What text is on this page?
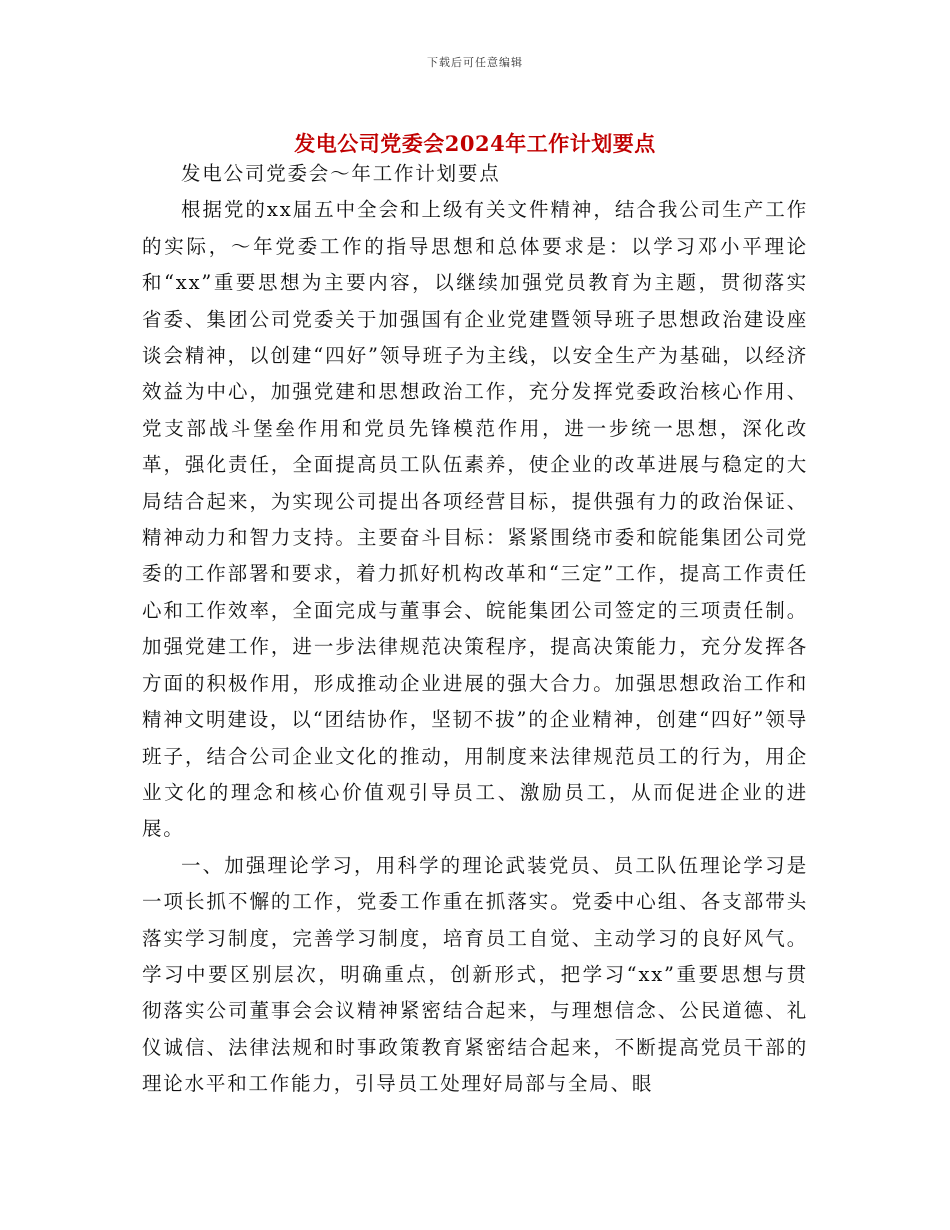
下载后可任意编辑
发电公司党委会2024年工作计划要点

发电公司党委会～年工作计划要点

根据党的xx届五中全会和上级有关文件精神，结合我公司生产工作的实际，～年党委工作的指导思想和总体要求是：以学习邓小平理论和“xx”重要思想为主要内容，以继续加强党员教育为主题，贯彻落实省委、集团公司党委关于加强国有企业党建暨领导班子思想政治建设座谈会精神，以创建“四好”领导班子为主线，以安全生产为基础，以经济效益为中心，加强党建和思想政治工作，充分发挥党委政治核心作用、党支部战斗堡垒作用和党员先锋模范作用，进一步统一思想，深化改革，强化责任，全面提高员工队伍素养，使企业的改革进展与稳定的大局结合起来，为实现公司提出各项经营目标，提供强有力的政治保证、精神动力和智力支持。主要奋斗目标：紧紧围绕市委和皖能集团公司党委的工作部署和要求，着力抓好机构改革和“三定”工作，提高工作责任心和工作效率，全面完成与董事会、皖能集团公司签定的三项责任制。加强党建工作，进一步法律规范决策程序，提高决策能力，充分发挥各方面的积极作用，形成推动企业进展的强大合力。加强思想政治工作和精神文明建设，以“团结协作，坚韧不拔”的企业精神，创建“四好”领导班子，结合公司企业文化的推动，用制度来法律规范员工的行为，用企业文化的理念和核心价值观引导员工、激励员工，从而促进企业的进展。

一、加强理论学习，用科学的理论武装党员、员工队伍理论学习是一项长抓不懈的工作，党委工作重在抓落实。党委中心组、各支部带头落实学习制度，完善学习制度，培育员工自觉、主动学习的良好风气。学习中要区别层次，明确重点，创新形式，把学习“xx”重要思想与贯彻落实公司董事会会议精神紧密结合起来，与理想信念、公民道德、礼仪诚信、法律法规和时事政策教育紧密结合起来，不断提高党员干部的理论水平和工作能力，引导员工处理好局部与全局、眼
